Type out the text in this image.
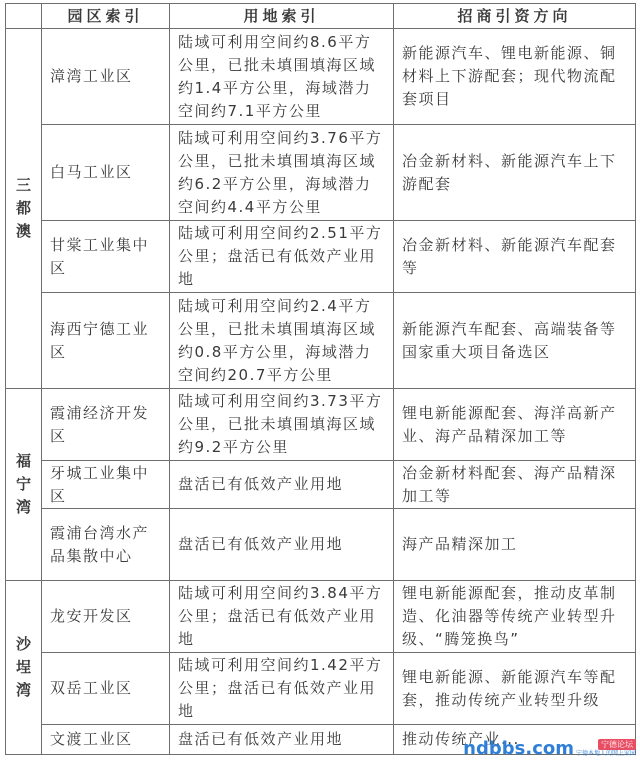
	园区索引	用地索引	招商引资方向

三都澳	漳湾工业区	陆域可利用空间约8.6平方公里，已批未填围填海区域约1.4平方公里，海域潜力空间约7.1平方公里	新能源汽车、锂电新能源、铜材料上下游配套；现代物流配套项目
	白马工业区	陆域可利用空间约3.76平方公里，已批未填围填海区域约6.2平方公里，海域潜力空间约4.4平方公里	冶金新材料、新能源汽车上下游配套
	甘棠工业集中区	陆域可利用空间约2.51平方公里；盘活已有低效产业用地	冶金新材料、新能源汽车配套等
	海西宁德工业区	陆域可利用空间约2.4平方公里，已批未填围填海区域约0.8平方公里，海域潜力空间约20.7平方公里	新能源汽车配套、高端装备等国家重大项目备选区

福宁湾	霞浦经济开发区	陆域可利用空间约3.73平方公里，已批未填围填海区域约9.2平方公里	锂电新能源配套、海洋高新产业、海产品精深加工等
	牙城工业集中区	盘活已有低效产业用地	冶金新材料配套、海产品精深加工等
	霞浦台湾水产品集散中心	盘活已有低效产业用地	海产品精深加工

沙埕湾	龙安开发区	陆域可利用空间约3.84平方公里；盘活已有低效产业用地	锂电新能源配套，推动皮革制造、化油器等传统产业转型升级、“腾笼换鸟”
	双岳工业区	陆域可利用空间约1.42平方公里；盘活已有低效产业用地	锂电新能源、新能源汽车等配套，推动传统产业转型升级
	文渡工业区	盘活已有低效产业用地	推动传统产业...
ndbbs.com	宁德论坛
宁德本地人的网上家园
